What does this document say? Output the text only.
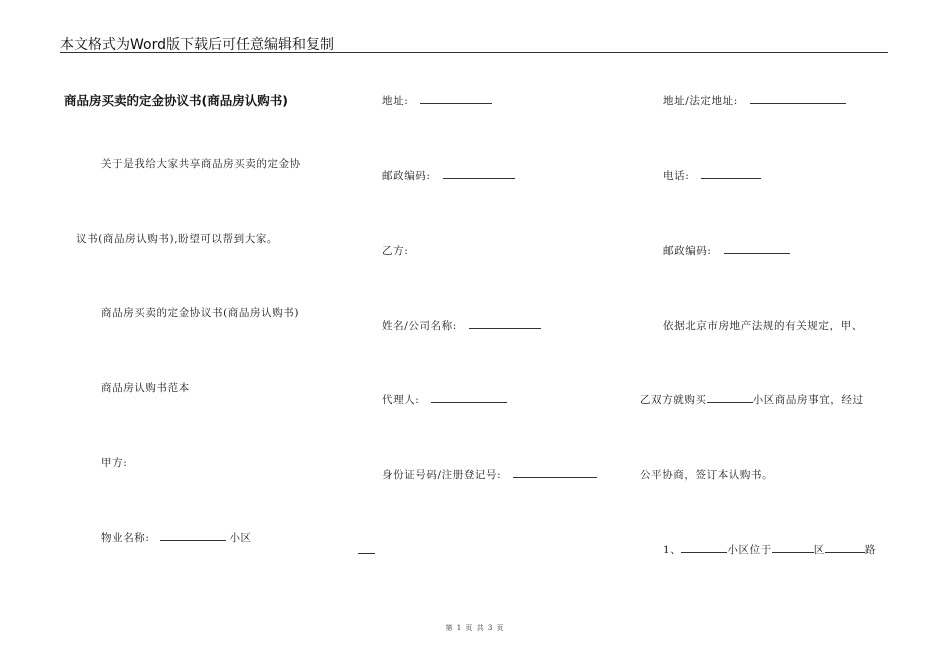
本文格式为Word版下载后可任意编辑和复制
商品房买卖的定金协议书(商品房认购书)
关于是我给大家共享商品房买卖的定金协
议书(商品房认购书),盼望可以帮到大家。
商品房买卖的定金协议书(商品房认购书)
商品房认购书范本
甲方:
物业名称:	小区
地址:
邮政编码:
乙方:
姓名/公司名称:
代理人:
身份证号码/注册登记号:
地址/法定地址:
电话:
邮政编码:
依据北京市房地产法规的有关规定，甲、
乙双方就购买	小区商品房事宜，经过
公平协商，签订本认购书。
1、	小区位于	区	路
第 1 页 共 3 页
